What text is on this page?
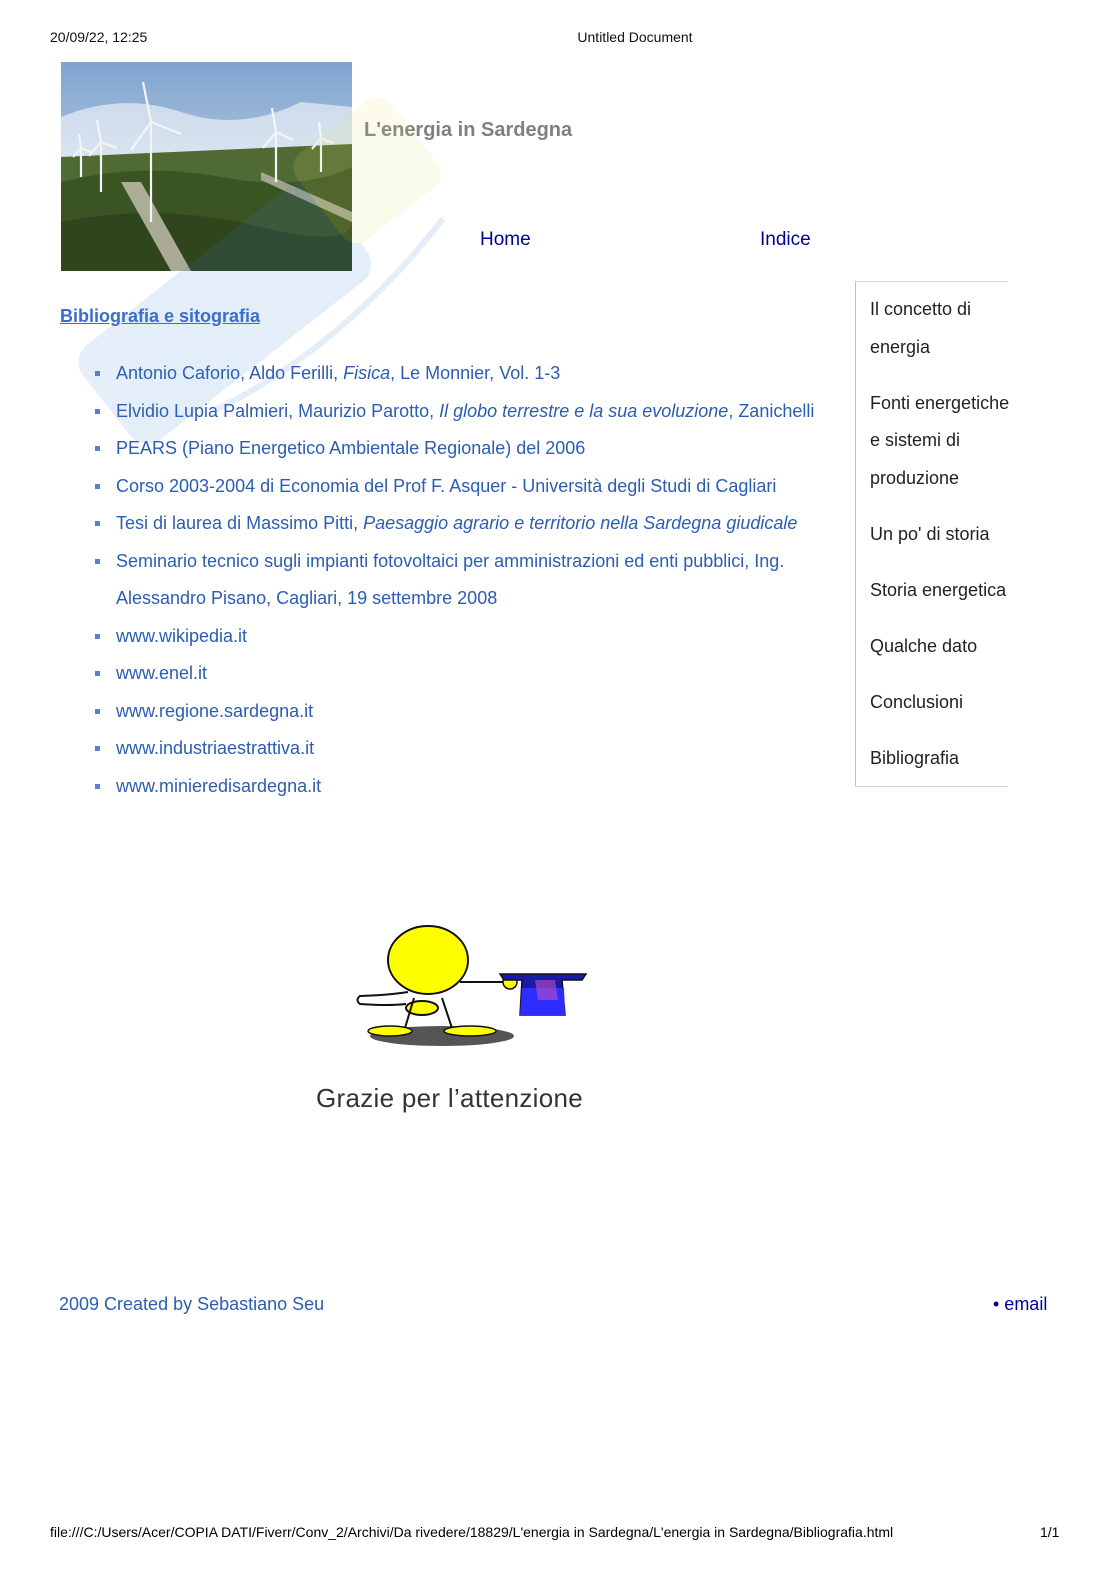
20/09/22, 12:25	Untitled Document
L'energia in Sardegna
Home	Indice
Bibliografia e sitografia
Antonio Caforio, Aldo Ferilli, Fisica, Le Monnier, Vol. 1-3
Elvidio Lupia Palmieri, Maurizio Parotto, Il globo terrestre e la sua evoluzione, Zanichelli
PEARS (Piano Energetico Ambientale Regionale) del 2006
Corso 2003-2004 di Economia del Prof F. Asquer - Università degli Studi di Cagliari
Tesi di laurea di Massimo Pitti, Paesaggio agrario e territorio nella Sardegna giudicale
Seminario tecnico sugli impianti fotovoltaici per amministrazioni ed enti pubblici, Ing. Alessandro Pisano, Cagliari, 19 settembre 2008
www.wikipedia.it
www.enel.it
www.regione.sardegna.it
www.industriaestrattiva.it
www.minieredisardegna.it
Il concetto di energia
Fonti energetiche e sistemi di produzione
Un po' di storia
Storia energetica
Qualche dato
Conclusioni
Bibliografia
Grazie per l’attenzione
2009 Created by Sebastiano Seu	• email
file:///C:/Users/Acer/COPIA DATI/Fiverr/Conv_2/Archivi/Da rivedere/18829/L'energia in Sardegna/L'energia in Sardegna/Bibliografia.html	1/1
